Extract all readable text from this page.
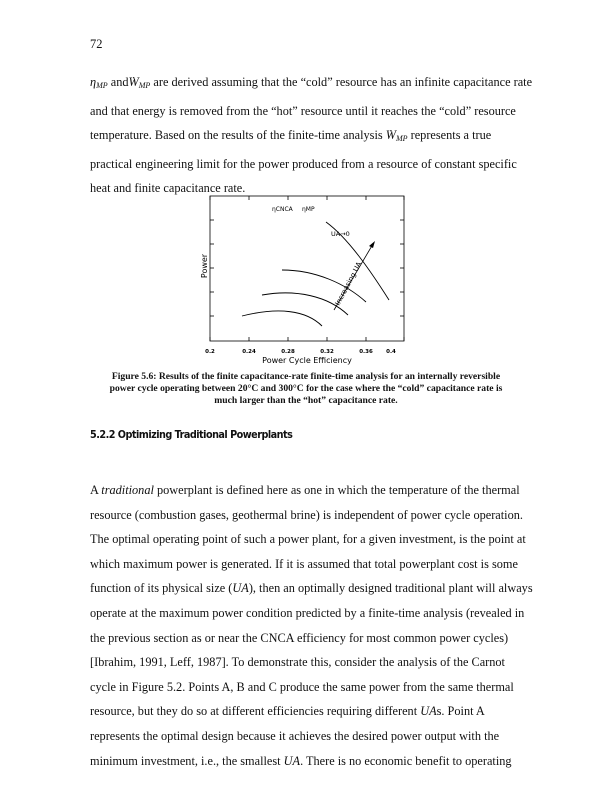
72
$\eta_{MP}$ $and\cdot W_{MP}$ are derived assuming that the “cold” resource has an infinite capacitance rate
and that energy is removed from the “hot” resource until it reaches the “cold” resource
temperature. Based on the results of the finite-time analysis · $W_{MP}$ represents a true
practical engineering limit for the power produced from a resource of constant specific
heat and finite capacitance rate.
ηCNCA ηMP
UA→0
Increasing UA
Power
0.2	0.24	0.28	0.32	0.36 0.4
Power Cycle Efficiency
Figure 5.6: Results of the finite capacitance-rate finite-time analysis for an internally reversible
power cycle operating between 20°C and 300°C for the case where the “cold” capacitance rate is
much larger than the “hot” capacitance rate.
5.2.2 Optimizing Traditional Powerplants
A traditional powerplant is defined here as one in which the temperature of the thermal
resource (combustion gases, geothermal brine) is independent of power cycle operation.
The optimal operating point of such a power plant, for a given investment, is the point at
which maximum power is generated. If it is assumed that total powerplant cost is some
function of its physical size (UA), then an optimally designed traditional plant will always
operate at the maximum power condition predicted by a finite-time analysis (revealed in
the previous section as or near the CNCA efficiency for most common power cycles)
[Ibrahim, 1991, Leff, 1987]. To demonstrate this, consider the analysis of the Carnot
cycle in Figure 5.2. Points A, B and C produce the same power from the same thermal
resource, but they do so at different efficiencies requiring different UAs. Point A
represents the optimal design because it achieves the desired power output with the
minimum investment, i.e., the smallest UA. There is no economic benefit to operating
